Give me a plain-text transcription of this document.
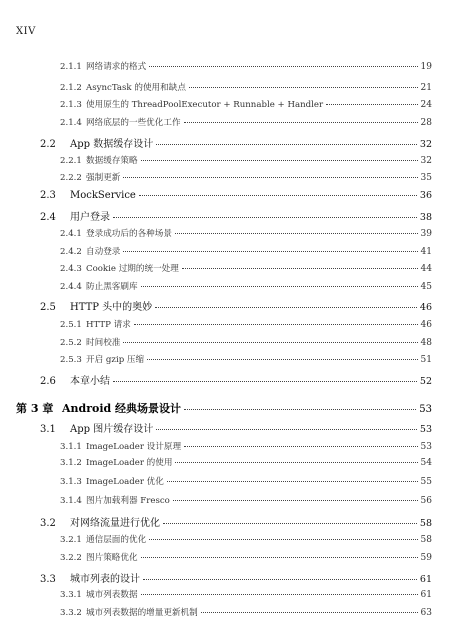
XIV
2.1.1 网络请求的格式	19
2.1.2 AsyncTask 的使用和缺点	21
2.1.3 使用原生的 ThreadPoolExecutor + Runnable + Handler	24
2.1.4 网络底层的一些优化工作	28
2.2	App 数据缓存设计	32
2.2.1 数据缓存策略	32
2.2.2 强制更新	35
2.3	MockService	36
2.4	用户登录	38
2.4.1 登录成功后的各种场景	39
2.4.2 自动登录	41
2.4.3 Cookie 过期的统一处理	44
2.4.4 防止黑客刷库	45
2.5	HTTP 头中的奥妙	46
2.5.1 HTTP 请求	46
2.5.2 时间校准	48
2.5.3 开启 gzip 压缩	51
2.6	本章小结	52
第 3 章 Android 经典场景设计	53
3.1	App 图片缓存设计	53
3.1.1 ImageLoader 设计原理	53
3.1.2 ImageLoader 的使用	54
3.1.3 ImageLoader 优化	55
3.1.4 图片加载利器 Fresco	56
3.2	对网络流量进行优化	58
3.2.1 通信层面的优化	58
3.2.2 图片策略优化	59
3.3	城市列表的设计	61
3.3.1 城市列表数据	61
3.3.2 城市列表数据的增量更新机制	63
